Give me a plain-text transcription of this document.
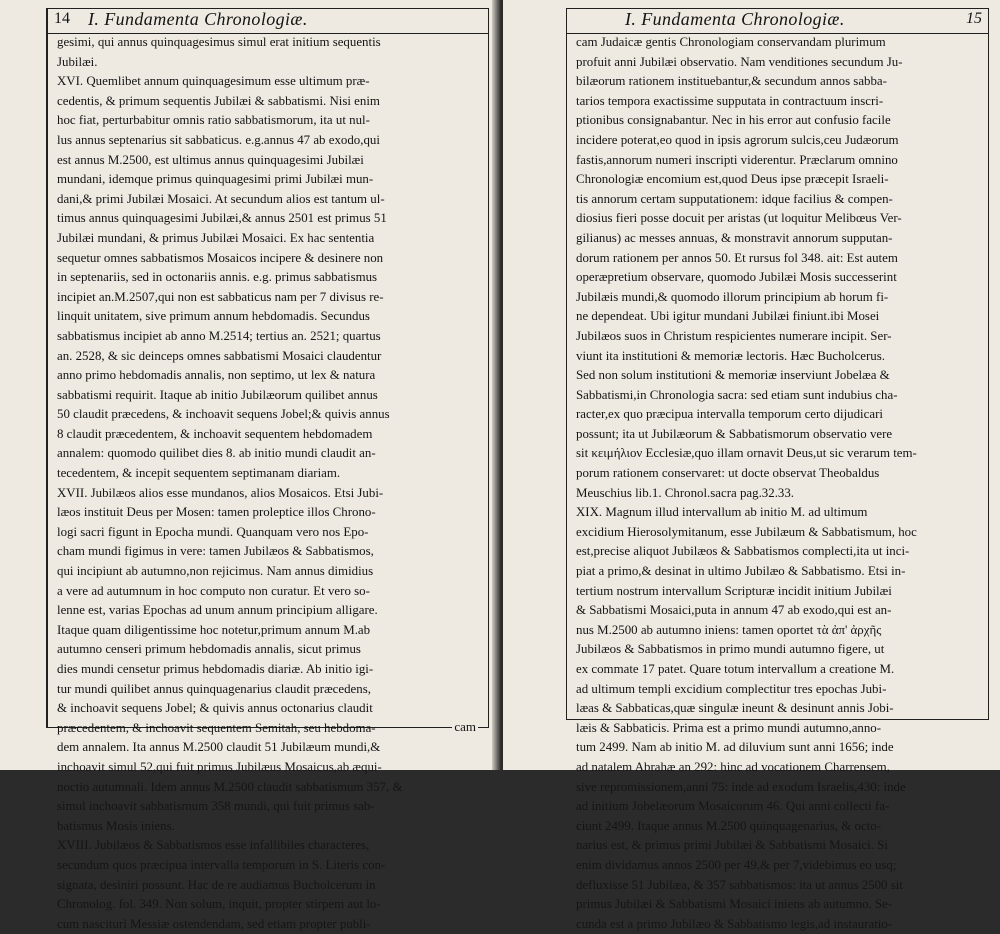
14 I. Fundamenta Chronologiæ.
gesimi, qui annus quinquagesimus simul erat initium sequentis
Jubilæi.
XVI. Quemlibet annum quinquagesimum esse ultimum præ-
cedentis, & primum sequentis Jubilæi & sabbatismi. Nisi enim
hoc fiat, perturbabitur omnis ratio sabbatismorum, ita ut nul-
lus annus septenarius sit sabbaticus. e.g.annus 47 ab exodo,qui
est annus M.2500, est ultimus annus quinquagesimi Jubilæi
mundani, idemque primus quinquagesimi primi Jubilæi mun-
dani,& primi Jubilæi Mosaici. At secundum alios est tantum ul-
timus annus quinquagesimi Jubilæi,& annus 2501 est primus 51
Jubilæi mundani, & primus Jubilæi Mosaici. Ex hac sententia
sequetur omnes sabbatismos Mosaicos incipere & desinere non
in septenariis, sed in octonariis annis. e.g. primus sabbatismus
incipiet an.M.2507,qui non est sabbaticus nam per 7 divisus re-
linquit unitatem, sive primum annum hebdomadis. Secundus
sabbatismus incipiet ab anno M.2514; tertius an. 2521; quartus
an. 2528, & sic deinceps omnes sabbatismi Mosaici claudentur
anno primo hebdomadis annalis, non septimo, ut lex & natura
sabbatismi requirit. Itaque ab initio Jubilæorum quilibet annus
50 claudit præcedens, & inchoavit sequens Jobel;& quivis annus
8 claudit præcedentem, & inchoavit sequentem hebdomadem
annalem: quomodo quilibet dies 8. ab initio mundi claudit an-
tecedentem, & incepit sequentem septimanam diariam.
XVII. Jubilæos alios esse mundanos, alios Mosaicos. Etsi Jubi-
læos instituit Deus per Mosen: tamen proleptice illos Chrono-
logi sacri figunt in Epocha mundi. Quanquam vero nos Epo-
cham mundi figimus in vere: tamen Jubilæos & Sabbatismos,
qui incipiunt ab autumno,non rejicimus. Nam annus dimidius
a vere ad autumnum in hoc computo non curatur. Et vero so-
lenne est, varias Epochas ad unum annum principium alligare.
Itaque quam diligentissime hoc notetur,primum annum M.ab
autumno censeri primum hebdomadis annalis, sicut primus
dies mundi censetur primus hebdomadis diariæ. Ab initio igi-
tur mundi quilibet annus quinquagenarius claudit præcedens,
& inchoavit sequens Jobel; & quivis annus octonarius claudit
præcedentem, & inchoavit sequentem Semitah, seu hebdoma-
dem annalem. Ita annus M.2500 claudit 51 Jubilæum mundi,&
inchoavit simul 52,qui fuit primus Jubilæus Mosaicus,ab æqui-
noctio autumnali. Idem annus M.2500 claudit sabbatismum 357, &
simul inchoavit sabbatismum 358 mundi, qui fuit primus sab-
batismus Mosis iniens.
XVIII. Jubilæos & Sabbatismos esse infallibiles characteres,
secundum quos præcipua intervalla temporum in S. Literis con-
signata, desiniri possunt. Hac de re audiamus Bucholcerum in
Chronolog. fol. 349. Non solum, inquit, propter stirpem aut lo-
cum nasciturì Messiæ ostendendam, sed etiam propter publi-
cam
I. Fundamenta Chronologiæ.	15
cam Judaicæ gentis Chronologiam conservandam plurimum
profuit anni Jubilæi observatio. Nam venditiones secundum Ju-
bilæorum rationem instituebantur,& secundum annos sabba-
tarios tempora exactissime supputata in contractuum inscri-
ptionibus consignabantur. Nec in his error aut confusio facile
incidere poterat,eo quod in ipsis agrorum sulcis,ceu Judæorum
fastis,annorum numeri inscripti viderentur. Præclarum omnino
Chronologiæ encomium est,quod Deus ipse præcepit Israeli-
tis annorum certam supputationem: idque facilius & compen-
diosius fieri posse docuit per aristas (ut loquitur Melibœus Ver-
gilianus) ac messes annuas, & monstravit annorum supputan-
dorum rationem per annos 50. Et rursus fol 348. ait: Est autem
operæpretium observare, quomodo Jubilæi Mosis successerint
Jubilæis mundi,& quomodo illorum principium ab horum fi-
ne dependeat. Ubi igitur mundani Jubilæi finiunt.ibi Mosei
Jubilæos suos in Christum respicientes numerare incipit. Ser-
viunt ita institutioni & memoriæ lectoris. Hæc Bucholcerus.
Sed non solum institutioni & memoriæ inserviunt Jobelæa &
Sabbatismi,in Chronologia sacra: sed etiam sunt indubius cha-
racter,ex quo præcipua intervalla temporum certo dijudicari
possunt; ita ut Jubilæorum & Sabbatismorum observatio vere
sit κειμήλιον Ecclesiæ,quo illam ornavit Deus,ut sic verarum tem-
porum rationem conservaret: ut docte observat Theobaldus
Meuschius lib.1. Chronol.sacra pag.32.33.
XIX. Magnum illud intervallum ab initio M. ad ultimum
excidium Hierosolymitanum, esse Jubilæum & Sabbatismum, hoc
est,precise aliquot Jubilæos & Sabbatismos complecti,ita ut inci-
piat a primo,& desinat in ultimo Jubilæo & Sabbatismo. Etsi in-
tertium nostrum intervallum Scripturæ incidit initium Jubilæi
& Sabbatismi Mosaici,puta in annum 47 ab exodo,qui est an-
nus M.2500 ab autumno iniens: tamen oportet τὰ ἀπ' ἀρχῆς
Jubilæos & Sabbatismos in primo mundi autumno figere, ut
ex commate 17 patet. Quare totum intervallum a creatione M.
ad ultimum templi excidium complectitur tres epochas Jubi-
læas & Sabbaticas,quæ singulæ ineunt & desinunt annis Jobi-
læis & Sabbaticis. Prima est a primo mundi autumno,anno-
tum 2499. Nam ab initio M. ad diluvium sunt anni 1656; inde
ad natalem Abrahæ an 292: hinc ad vocationem Charrensem,
sive repromissionem,anni 75: inde ad exodum Israelis,430: inde
ad initium Jobelæorum Mosaicorum 46. Qui anni collecti fa-
ciunt 2499. Itaque annus M.2500 quinquagenarius, & octo-
narius est, & primus primi Jubilæi & Sabbatismi Mosaici. Si
enim dividamus annos 2500 per 49,& per 7,videbimus eo usq;
defluxisse 51 Jubilæa, & 357 sabbatismos: ita ut annus 2500 sit
primus Jubilæi & Sabbatismi Mosaici iniens ab autumno. Se-
cunda est a primo Jubilæo & Sabbatismo legis,ad instauratio-
